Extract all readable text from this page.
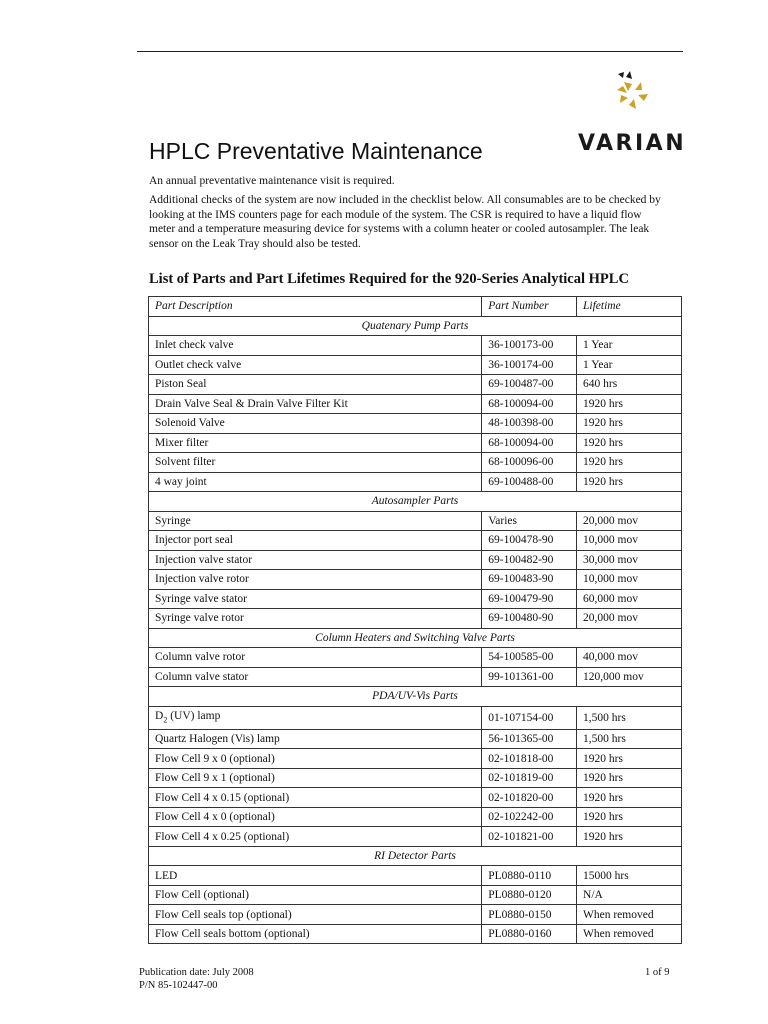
VARIAN
HPLC Preventative Maintenance
An annual preventative maintenance visit is required.
Additional checks of the system are now included in the checklist below. All consumables are to be checked by looking at the IMS counters page for each module of the system. The CSR is required to have a liquid flow meter and a temperature measuring device for systems with a column heater or cooled autosampler. The leak sensor on the Leak Tray should also be tested.
List of Parts and Part Lifetimes Required for the 920-Series Analytical HPLC
Part Description	Part Number	Lifetime
Quatenary Pump Parts		
Inlet check valve	36-100173-00	1 Year
Outlet check valve	36-100174-00	1 Year
Piston Seal	69-100487-00	640 hrs
Drain Valve Seal & Drain Valve Filter Kit	68-100094-00	1920 hrs
Solenoid Valve	48-100398-00	1920 hrs
Mixer filter	68-100094-00	1920 hrs
Solvent filter	68-100096-00	1920 hrs
4 way joint	69-100488-00	1920 hrs
Autosampler Parts		
Syringe	Varies	20,000 mov
Injector port seal	69-100478-90	10,000 mov
Injection valve stator	69-100482-90	30,000 mov
Injection valve rotor	69-100483-90	10,000 mov
Syringe valve stator	69-100479-90	60,000 mov
Syringe valve rotor	69-100480-90	20,000 mov
Column Heaters and Switching Valve Parts		
Column valve rotor	54-100585-00	40,000 mov
Column valve stator	99-101361-00	120,000 mov
PDA/UV-Vis Parts		
$D_2$ (UV) lamp	01-107154-00	1,500 hrs
Quartz Halogen (Vis) lamp	56-101365-00	1,500 hrs
Flow Cell 9 x 0 (optional)	02-101818-00	1920 hrs
Flow Cell 9 x 1 (optional)	02-101819-00	1920 hrs
Flow Cell 4 x 0.15 (optional)	02-101820-00	1920 hrs
Flow Cell 4 x 0 (optional)	02-102242-00	1920 hrs
Flow Cell 4 x 0.25 (optional)	02-101821-00	1920 hrs
RI Detector Parts		
LED	PL0880-0110	15000 hrs
Flow Cell (optional)	PL0880-0120	N/A
Flow Cell seals top (optional)	PL0880-0150	When removed
Flow Cell seals bottom (optional)	PL0880-0160	When removed
Publication date: July 2008
P/N 85-102447-00
1 of 9
